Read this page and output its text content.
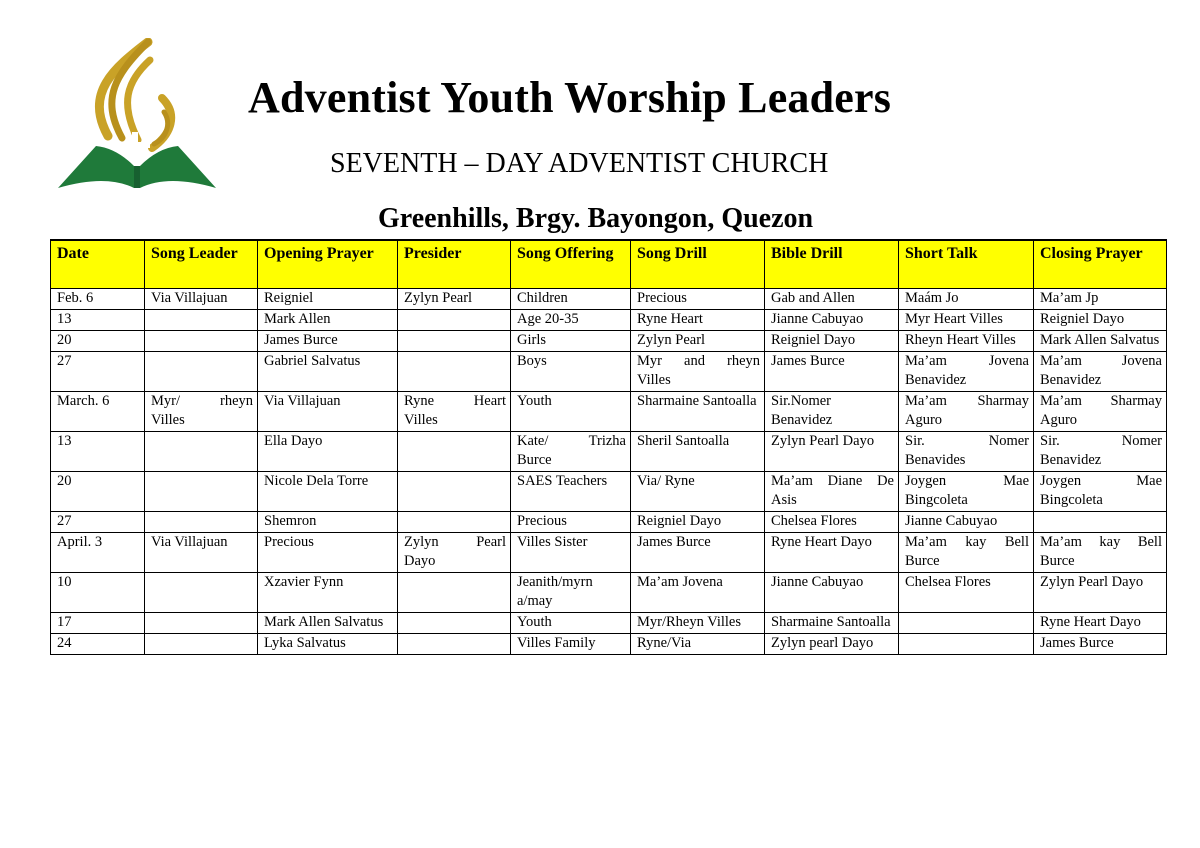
Adventist Youth Worship Leaders
SEVENTH – DAY ADVENTIST CHURCH
Greenhills, Brgy. Bayongon, Quezon
Date	Song Leader	Opening Prayer	Presider	Song Offering	Song Drill	Bible Drill	Short Talk	Closing Prayer
Feb. 6	Via Villajuan	Reigniel	Zylyn Pearl	Children	Precious	Gab and Allen	Maám Jo	Ma’am Jp
13		Mark Allen		Age 20-35	Ryne Heart	Jianne Cabuyao	Myr Heart Villes	Reigniel Dayo
20		James Burce		Girls	Zylyn Pearl	Reigniel Dayo	Rheyn Heart Villes	Mark Allen Salvatus
27		Gabriel Salvatus		Boys	Myr and rheyn Villes	James Burce	Ma’am Jovena Benavidez	Ma’am Jovena Benavidez
March. 6	Myr/ rheyn Villes	Via Villajuan	Ryne Heart Villes	Youth	Sharmaine Santoalla	Sir.Nomer Benavidez	Ma’am Sharmay Aguro	Ma’am Sharmay Aguro
13		Ella Dayo		Kate/ Trizha Burce	Sheril Santoalla	Zylyn Pearl Dayo	Sir. Nomer Benavides	Sir. Nomer Benavidez
20		Nicole Dela Torre		SAES Teachers	Via/ Ryne	Ma’am Diane De Asis	Joygen Mae Bingcoleta	Joygen Mae Bingcoleta
27		Shemron		Precious	Reigniel Dayo	Chelsea Flores	Jianne Cabuyao	
April. 3	Via Villajuan	Precious	Zylyn Pearl Dayo	Villes Sister	James Burce	Ryne Heart Dayo	Ma’am kay Bell Burce	Ma’am kay Bell Burce
10		Xzavier Fynn		Jeanith/myrn a/may	Ma’am Jovena	Jianne Cabuyao	Chelsea Flores	Zylyn Pearl Dayo
17		Mark Allen Salvatus		Youth	Myr/Rheyn Villes	Sharmaine Santoalla		Ryne Heart Dayo
24		Lyka Salvatus		Villes Family	Ryne/Via	Zylyn pearl Dayo		James Burce
